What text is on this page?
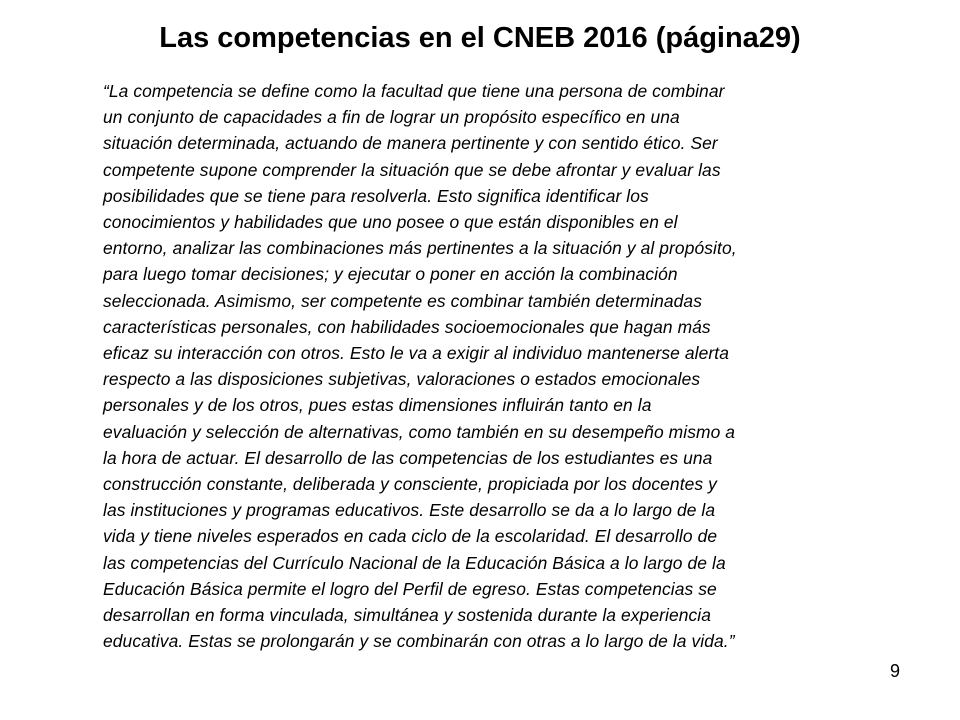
Las competencias en el CNEB 2016 (página29)
“La competencia se define como la facultad que tiene una persona de combinar
un conjunto de capacidades a fin de lograr un propósito específico en una
situación determinada, actuando de manera pertinente y con sentido ético. Ser
competente supone comprender la situación que se debe afrontar y evaluar las
posibilidades que se tiene para resolverla. Esto significa identificar los
conocimientos y habilidades que uno posee o que están disponibles en el
entorno, analizar las combinaciones más pertinentes a la situación y al propósito,
para luego tomar decisiones; y ejecutar o poner en acción la combinación
seleccionada. Asimismo, ser competente es combinar también determinadas
características personales, con habilidades socioemocionales que hagan más
eficaz su interacción con otros. Esto le va a exigir al individuo mantenerse alerta
respecto a las disposiciones subjetivas, valoraciones o estados emocionales
personales y de los otros, pues estas dimensiones influirán tanto en la
evaluación y selección de alternativas, como también en su desempeño mismo a
la hora de actuar. El desarrollo de las competencias de los estudiantes es una
construcción constante, deliberada y consciente, propiciada por los docentes y
las instituciones y programas educativos. Este desarrollo se da a lo largo de la
vida y tiene niveles esperados en cada ciclo de la escolaridad. El desarrollo de
las competencias del Currículo Nacional de la Educación Básica a lo largo de la
Educación Básica permite el logro del Perfil de egreso. Estas competencias se
desarrollan en forma vinculada, simultánea y sostenida durante la experiencia
educativa. Estas se prolongarán y se combinarán con otras a lo largo de la vida.”
9
